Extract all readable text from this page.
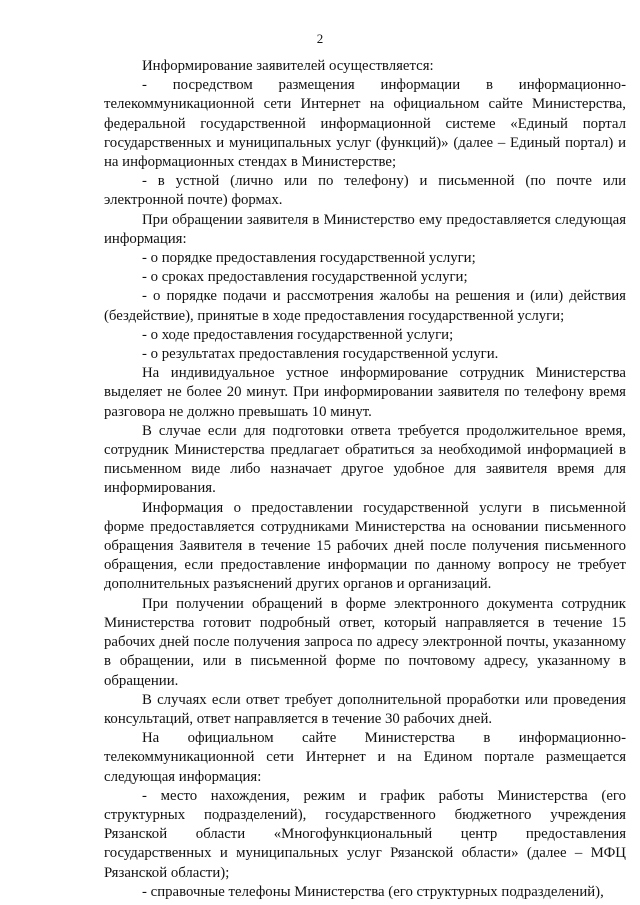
2

Информирование заявителей осуществляется:

- посредством размещения информации в информационно-телекоммуникационной сети Интернет на официальном сайте Министерства, федеральной государственной информационной системе «Единый портал государственных и муниципальных услуг (функций)» (далее – Единый портал) и на информационных стендах в Министерстве;

- в устной (лично или по телефону) и письменной (по почте или электронной почте) формах.

При обращении заявителя в Министерство ему предоставляется следующая информация:

- о порядке предоставления государственной услуги;

- о сроках предоставления государственной услуги;

- о порядке подачи и рассмотрения жалобы на решения и (или) действия (бездействие), принятые в ходе предоставления государственной услуги;

- о ходе предоставления государственной услуги;

- о результатах предоставления государственной услуги.

На индивидуальное устное информирование сотрудник Министерства выделяет не более 20 минут. При информировании заявителя по телефону время разговора не должно превышать 10 минут.

В случае если для подготовки ответа требуется продолжительное время, сотрудник Министерства предлагает обратиться за необходимой информацией в письменном виде либо назначает другое удобное для заявителя время для информирования.

Информация о предоставлении государственной услуги в письменной форме предоставляется сотрудниками Министерства на основании письменного обращения Заявителя в течение 15 рабочих дней после получения письменного обращения, если предоставление информации по данному вопросу не требует дополнительных разъяснений других органов и организаций.

При получении обращений в форме электронного документа сотрудник Министерства готовит подробный ответ, который направляется в течение 15 рабочих дней после получения запроса по адресу электронной почты, указанному в обращении, или в письменной форме по почтовому адресу, указанному в обращении.

В случаях если ответ требует дополнительной проработки или проведения консультаций, ответ направляется в течение 30 рабочих дней.

На официальном сайте Министерства в информационно-телекоммуникационной сети Интернет и на Едином портале размещается следующая информация:

- место нахождения, режим и график работы Министерства (его структурных подразделений), государственного бюджетного учреждения Рязанской области «Многофункциональный центр предоставления государственных и муниципальных услуг Рязанской области» (далее – МФЦ Рязанской области);

- справочные телефоны Министерства (его структурных подразделений),
